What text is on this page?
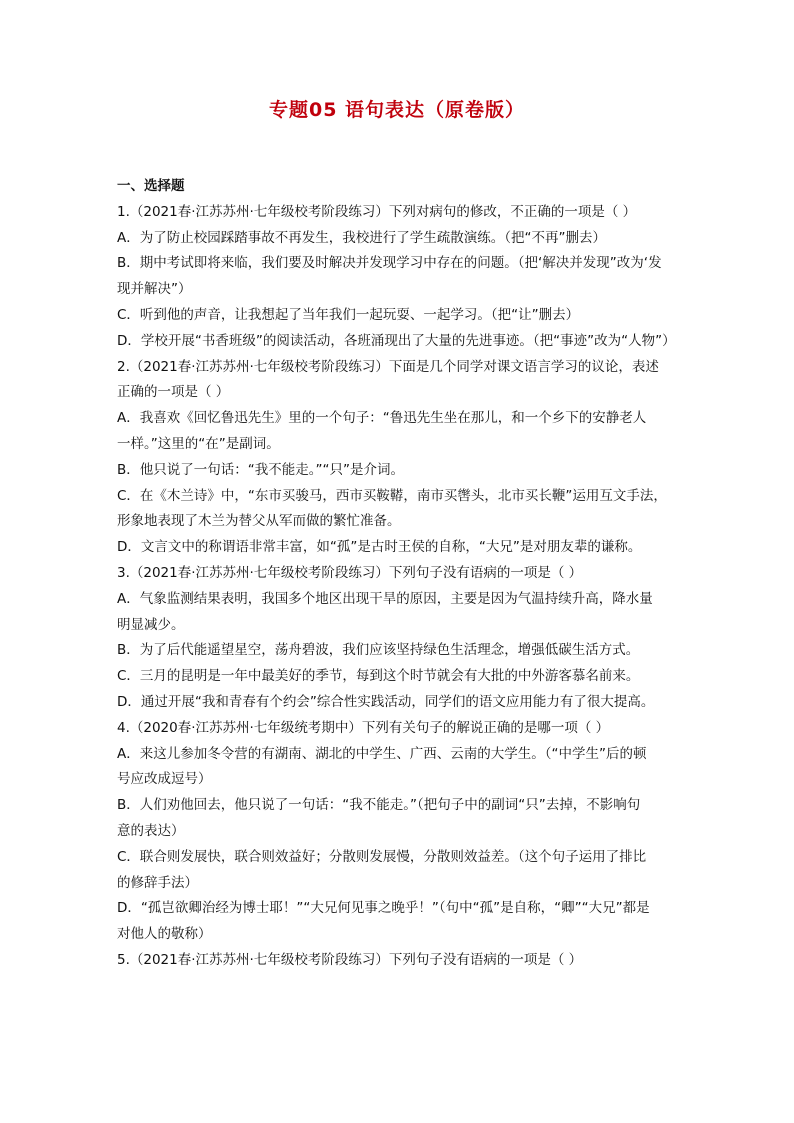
专题05 语句表达（原卷版）
一、选择题
1.（2021春·江苏苏州·七年级校考阶段练习）下列对病句的修改，不正确的一项是（ ）
A．为了防止校园踩踏事故不再发生，我校进行了学生疏散演练。（把“不再”删去）
B．期中考试即将来临，我们要及时解决并发现学习中存在的问题。（把‘解决并发现”改为‘发
现并解决”）
C．听到他的声音，让我想起了当年我们一起玩耍、一起学习。（把“让”删去）
D．学校开展“书香班级”的阅读活动，各班涌现出了大量的先进事迹。（把“事迹”改为“人物”）
2.（2021春·江苏苏州·七年级校考阶段练习）下面是几个同学对课文语言学习的议论，表述
正确的一项是（ ）
A．我喜欢《回忆鲁迅先生》里的一个句子：“鲁迅先生坐在那儿，和一个乡下的安静老人
一样。”这里的“在”是副词。
B．他只说了一句话：“我不能走。”“只”是介词。
C．在《木兰诗》中，“东市买骏马，西市买鞍鞯，南市买辔头，北市买长鞭”运用互文手法，
形象地表现了木兰为替父从军而做的繁忙准备。
D．文言文中的称谓语非常丰富，如“孤”是古时王侯的自称，“大兄”是对朋友辈的谦称。
3.（2021春·江苏苏州·七年级校考阶段练习）下列句子没有语病的一项是（ ）
A．气象监测结果表明，我国多个地区出现干旱的原因，主要是因为气温持续升高，降水量
明显减少。
B．为了后代能遥望星空，荡舟碧波，我们应该坚持绿色生活理念，增强低碳生活方式。
C．三月的昆明是一年中最美好的季节，每到这个时节就会有大批的中外游客慕名前来。
D．通过开展“我和青春有个约会”综合性实践活动，同学们的语文应用能力有了很大提高。
4.（2020春·江苏苏州·七年级统考期中）下列有关句子的解说正确的是哪一项（ ）
A．来这儿参加冬令营的有湖南、湖北的中学生、广西、云南的大学生。（“中学生”后的顿
号应改成逗号）
B．人们劝他回去，他只说了一句话：“我不能走。”（把句子中的副词“只”去掉，不影响句
意的表达）
C．联合则发展快，联合则效益好；分散则发展慢，分散则效益差。（这个句子运用了排比
的修辞手法）
D．“孤岂欲卿治经为博士耶！”“大兄何见事之晚乎！”（句中“孤”是自称，“卿”“大兄”都是
对他人的敬称）
5.（2021春·江苏苏州·七年级校考阶段练习）下列句子没有语病的一项是（ ）
